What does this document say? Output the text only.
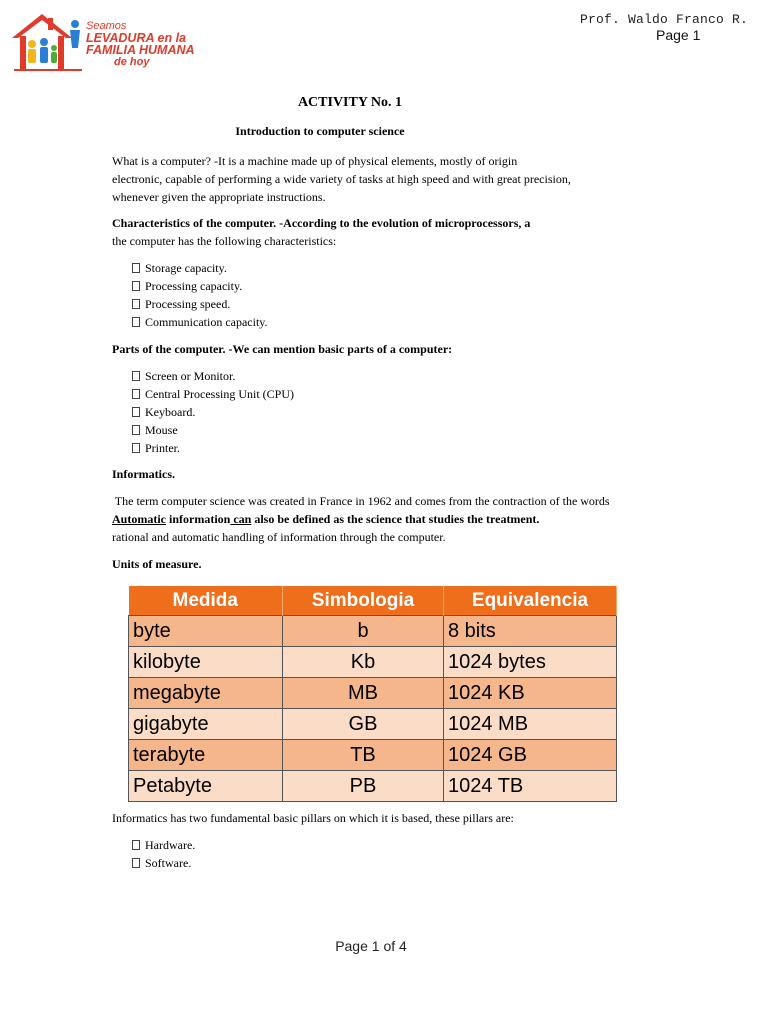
Seamos
LEVADURA en la
FAMILIA HUMANA
de hoy
Prof. Waldo Franco R.
Page 1
ACTIVITY No. 1
Introduction to computer science
What is a computer? -It is a machine made up of physical elements, mostly of origin
electronic, capable of performing a wide variety of tasks at high speed and with great precision,
whenever given the appropriate instructions.
Characteristics of the computer. -According to the evolution of microprocessors, a
the computer has the following characteristics:
Storage capacity.
Processing capacity.
Processing speed.
Communication capacity.
Parts of the computer. -We can mention basic parts of a computer:
Screen or Monitor.
Central Processing Unit (CPU)
Keyboard.
Mouse
Printer.
Informatics.
The term computer science was created in France in 1962 and comes from the contraction of the words
Automatic information can also be defined as the science that studies the treatment.
rational and automatic handling of information through the computer.
Units of measure.
Medida	Simbologia	Equivalencia
byte	b	8 bits
kilobyte	Kb	1024 bytes
megabyte	MB	1024 KB
gigabyte	GB	1024 MB
terabyte	TB	1024 GB
Petabyte	PB	1024 TB
Informatics has two fundamental basic pillars on which it is based, these pillars are:
Hardware.
Software.
Page 1 of 4
